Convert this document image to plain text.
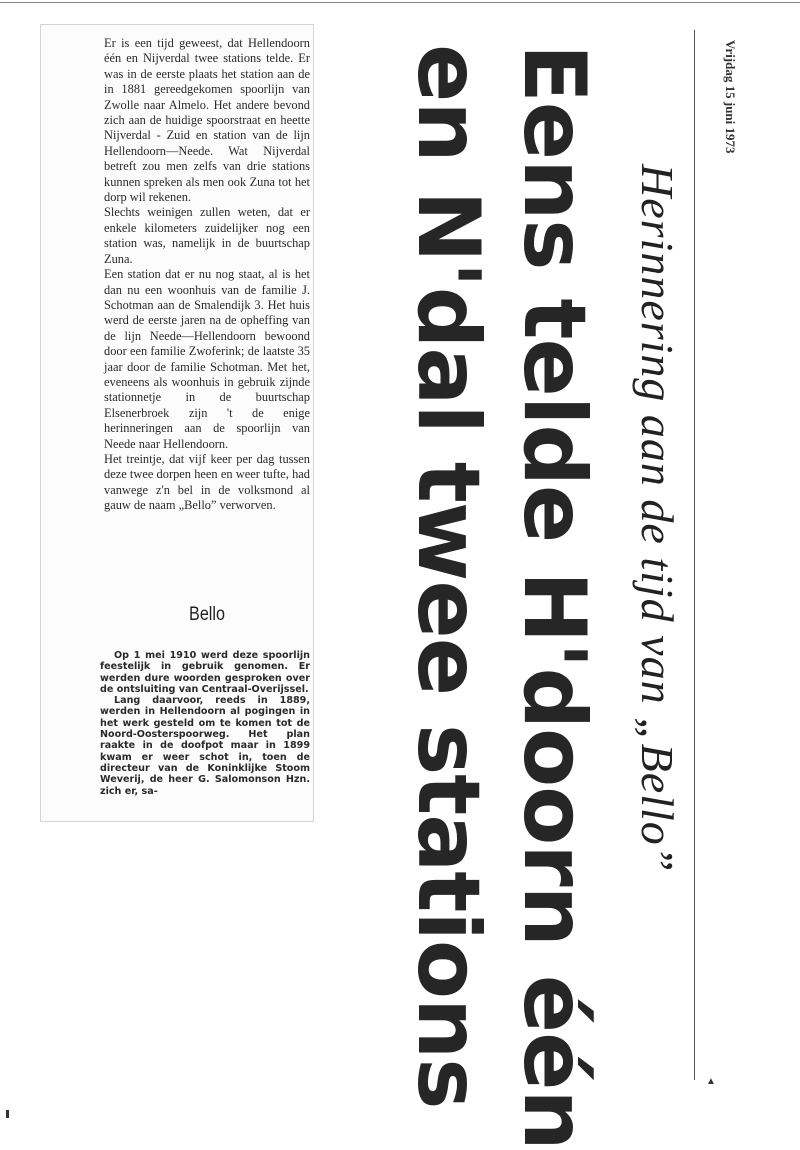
Er is een tijd geweest, dat Hellendoorn één en Nijverdal twee stations telde. Er was in de eerste plaats het station aan de in 1881 gereedgekomen spoorlijn van Zwolle naar Almelo. Het andere bevond zich aan de huidige spoorstraat en heette Nijverdal - Zuid en station van de lijn Hellendoorn—Neede. Wat Nijverdal betreft zou men zelfs van drie stations kunnen spreken als men ook Zuna tot het dorp wil rekenen.

Slechts weinigen zullen weten, dat er enkele kilometers zuidelijker nog een station was, namelijk in de buurtschap Zuna.

Een station dat er nu nog staat, al is het dan nu een woonhuis van de familie J. Schotman aan de Smalendijk 3. Het huis werd de eerste jaren na de opheffing van de lijn Neede—Hellendoorn bewoond door een familie Zwoferink; de laatste 35 jaar door de familie Schotman. Met het, eveneens als woonhuis in gebruik zijnde stationnetje in de buurtschap Elsenerbroek zijn 't de enige herinneringen aan de spoorlijn van Neede naar Hellendoorn.

Het treintje, dat vijf keer per dag tussen deze twee dorpen heen en weer tufte, had vanwege z'n bel in de volksmond al gauw de naam „Bello” verworven.

Bello

Op 1 mei 1910 werd deze spoorlijn feestelijk in gebruik genomen. Er werden dure woorden gesproken over de ontsluiting van Centraal-Overijssel.

Lang daarvoor, reeds in 1889, werden in Hellendoorn al pogingen in het werk gesteld om te komen tot de Noord-Oosterspoorweg. Het plan raakte in de doofpot maar in 1899 kwam er weer schot in, toen de directeur van de Koninklijke Stoom Weverij, de heer G. Salomonson Hzn. zich er, sa-

Vrijdag 15 juni 1973
Herinnering aan de tijd van „Bello”
Eens telde H'doorn één
en N'dal twee stations	▲
